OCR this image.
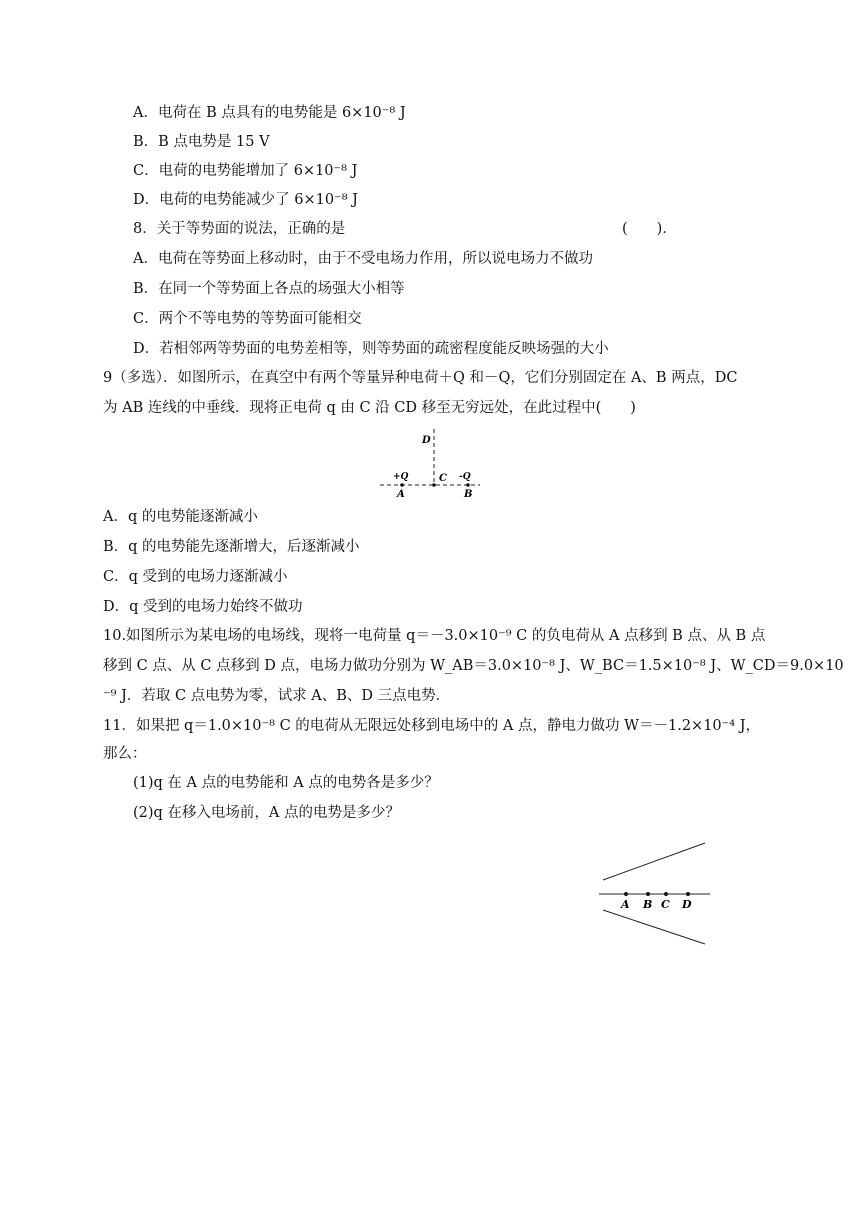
A．电荷在 B 点具有的电势能是 6×10⁻⁸ J
B．B 点电势是 15 V
C．电荷的电势能增加了 6×10⁻⁸ J
D．电荷的电势能减少了 6×10⁻⁸ J
8．关于等势面的说法，正确的是	(　　)．
A．电荷在等势面上移动时，由于不受电场力作用，所以说电场力不做功
B．在同一个等势面上各点的场强大小相等
C．两个不等电势的等势面可能相交
D．若相邻两等势面的电势差相等，则等势面的疏密程度能反映场强的大小
9（多选）．如图所示，在真空中有两个等量异种电荷＋Q 和－Q，它们分别固定在 A、B 两点，DC
为 AB 连线的中垂线．现将正电荷 q 由 C 沿 CD 移至无穷远处，在此过程中(　　)
D
+Q	C -Q
A	B
A．q 的电势能逐渐减小
B．q 的电势能先逐渐增大，后逐渐减小
C．q 受到的电场力逐渐减小
D．q 受到的电场力始终不做功
10.如图所示为某电场的电场线，现将一电荷量 q＝－3.0×10⁻⁹ C 的负电荷从 A 点移到 B 点、从 B 点
移到 C 点、从 C 点移到 D 点，电场力做功分别为 W_AB＝3.0×10⁻⁸ J、W_BC＝1.5×10⁻⁸ J、W_CD＝9.0×10
⁻⁹ J．若取 C 点电势为零，试求 A、B、D 三点电势．
11．如果把 q＝1.0×10⁻⁸ C 的电荷从无限远处移到电场中的 A 点，静电力做功 W＝－1.2×10⁻⁴ J，
那么：
(1)q 在 A 点的电势能和 A 点的电势各是多少？
(2)q 在移入电场前，A 点的电势是多少？
A B C D
